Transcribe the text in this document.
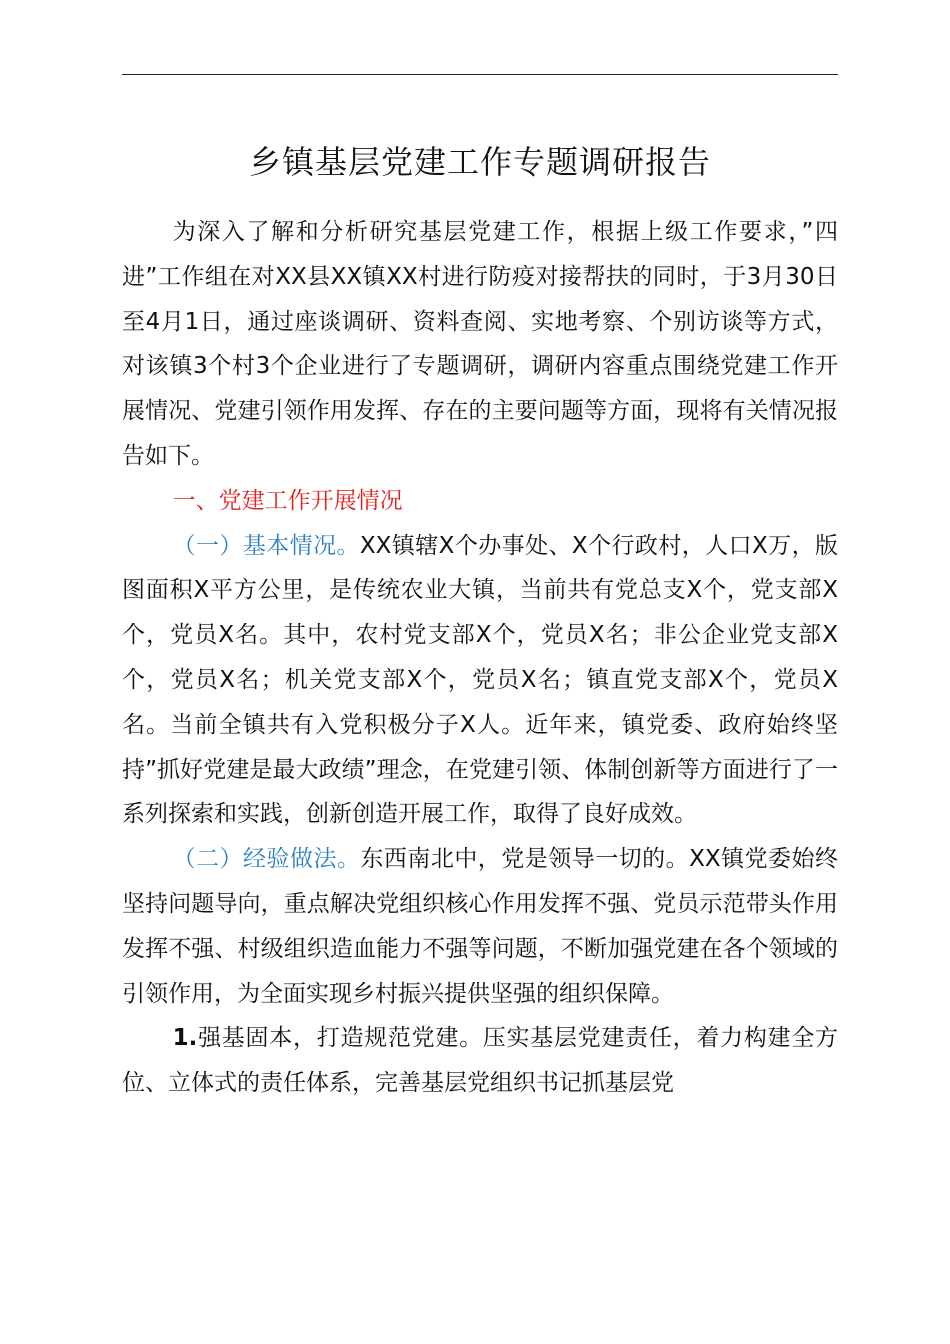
乡镇基层党建工作专题调研报告

为深入了解和分析研究基层党建工作，根据上级工作要求，”四进”工作组在对XX县XX镇XX村进行防疫对接帮扶的同时，于3月30日至4月1日，通过座谈调研、资料查阅、实地考察、个别访谈等方式，对该镇3个村3个企业进行了专题调研，调研内容重点围绕党建工作开展情况、党建引领作用发挥、存在的主要问题等方面，现将有关情况报告如下。

一、党建工作开展情况

（一）基本情况。XX镇辖X个办事处、X个行政村，人口X万，版图面积X平方公里，是传统农业大镇，当前共有党总支X个，党支部X个，党员X名。其中，农村党支部X个，党员X名；非公企业党支部X个，党员X名；机关党支部X个，党员X名；镇直党支部X个，党员X名。当前全镇共有入党积极分子X人。近年来，镇党委、政府始终坚持”抓好党建是最大政绩”理念，在党建引领、体制创新等方面进行了一系列探索和实践，创新创造开展工作，取得了良好成效。

（二）经验做法。东西南北中，党是领导一切的。XX镇党委始终坚持问题导向，重点解决党组织核心作用发挥不强、党员示范带头作用发挥不强、村级组织造血能力不强等问题，不断加强党建在各个领域的引领作用，为全面实现乡村振兴提供坚强的组织保障。

1.强基固本，打造规范党建。压实基层党建责任，着力构建全方位、立体式的责任体系，完善基层党组织书记抓基层党
